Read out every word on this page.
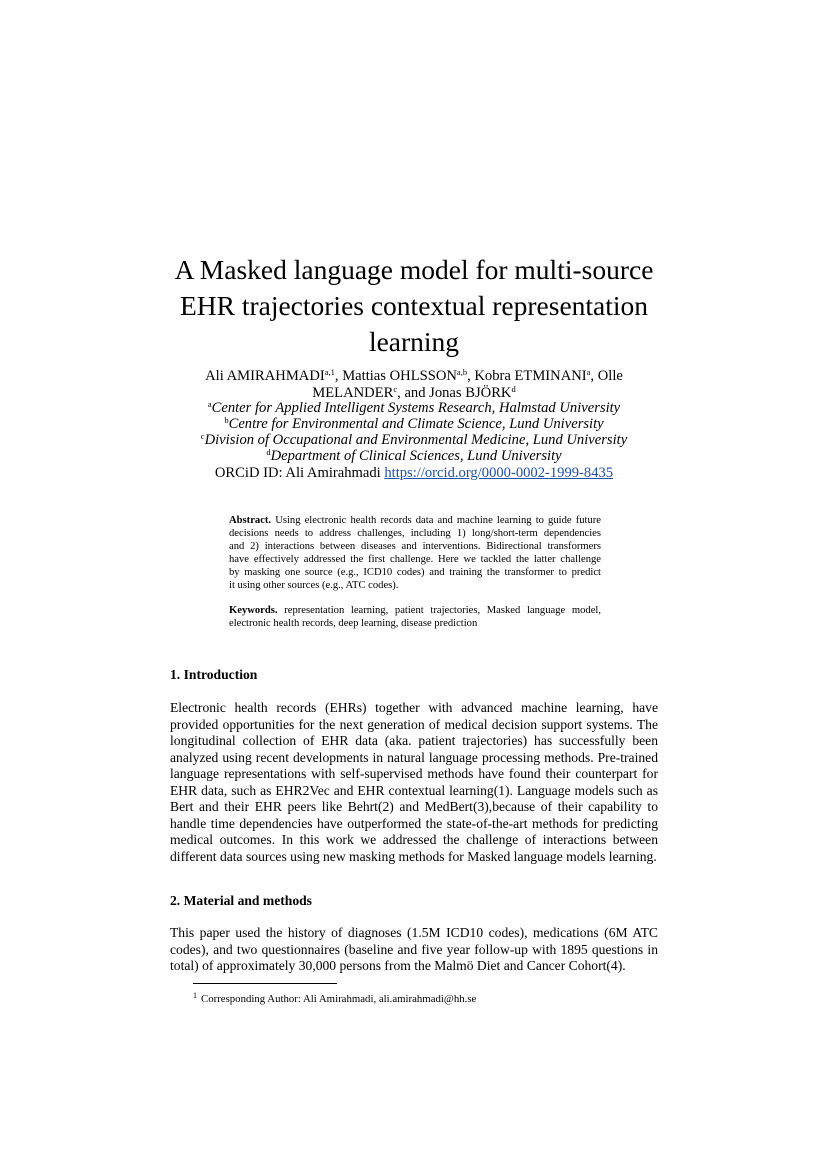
A Masked language model for multi-source
EHR trajectories contextual representation
learning
Ali AMIRAHMADI$^{a,1}$, Mattias OHLSSON$^{a,b}$, Kobra ETMINANI$^a$, Olle
MELANDER$^c$, and Jonas BJÖRK$^d$
$^a$Center for Applied Intelligent Systems Research, Halmstad University
$^b$Centre for Environmental and Climate Science, Lund University
$^c$Division of Occupational and Environmental Medicine, Lund University
$^d$Department of Clinical Sciences, Lund University
ORCiD ID: Ali Amirahmadi https://orcid.org/0000-0002-1999-8435
Abstract. Using electronic health records data and machine learning to guide future
decisions needs to address challenges, including 1) long/short-term dependencies
and 2) interactions between diseases and interventions. Bidirectional transformers
have effectively addressed the first challenge. Here we tackled the latter challenge
by masking one source (e.g., ICD10 codes) and training the transformer to predict
it using other sources (e.g., ATC codes).
Keywords. representation learning, patient trajectories, Masked language model,
electronic health records, deep learning, disease prediction
1. Introduction
Electronic health records (EHRs) together with advanced machine learning, have
provided opportunities for the next generation of medical decision support systems. The
longitudinal collection of EHR data (aka. patient trajectories) has successfully been
analyzed using recent developments in natural language processing methods. Pre-trained
language representations with self-supervised methods have found their counterpart for
EHR data, such as EHR2Vec and EHR contextual learning(1). Language models such as
Bert and their EHR peers like Behrt(2) and MedBert(3),because of their capability to
handle time dependencies have outperformed the state-of-the-art methods for predicting
medical outcomes. In this work we addressed the challenge of interactions between
different data sources using new masking methods for Masked language models learning.
2. Material and methods
This paper used the history of diagnoses (1.5M ICD10 codes), medications (6M ATC
codes), and two questionnaires (baseline and five year follow-up with 1895 questions in
total) of approximately 30,000 persons from the Malmö Diet and Cancer Cohort(4).
$^1$ Corresponding Author: Ali Amirahmadi, ali.amirahmadi@hh.se
